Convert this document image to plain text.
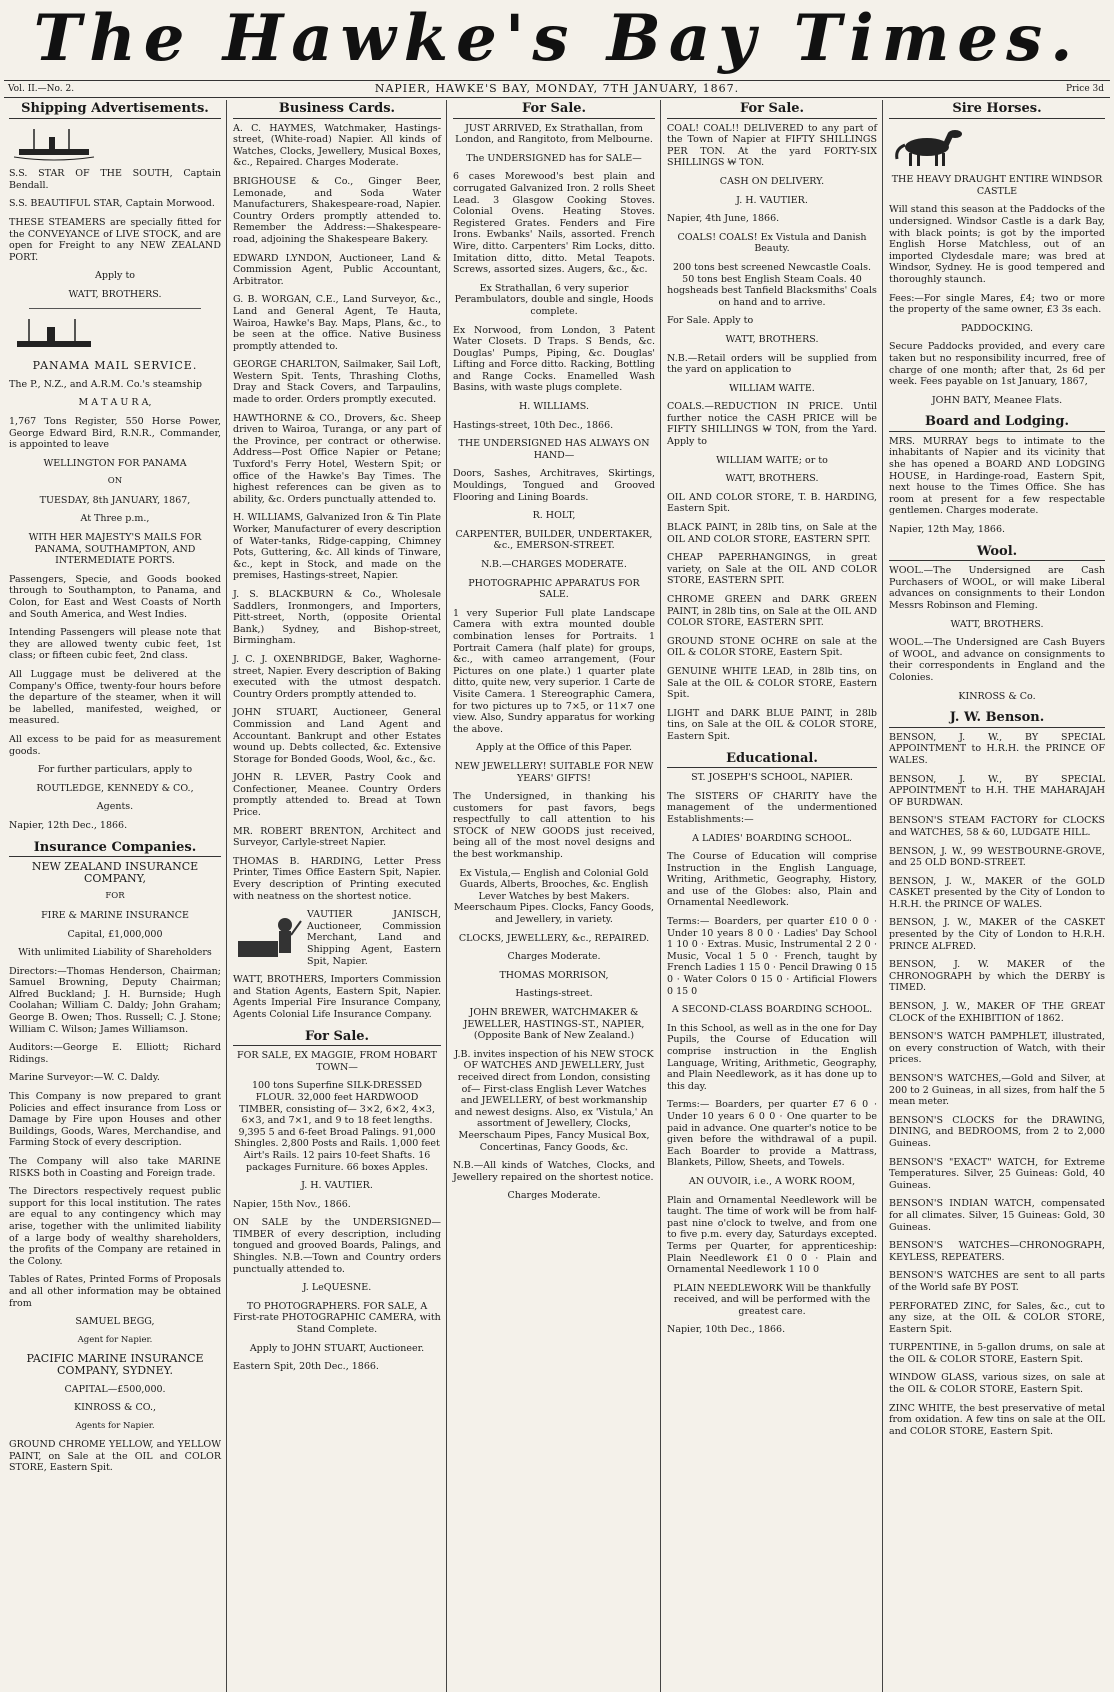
The Hawke's Bay Times.
Vol. II.—No. 2.	NAPIER, HAWKE'S BAY, MONDAY, 7TH JANUARY, 1867.	Price 3d
Shipping Advertisements.
S.S. STAR OF THE SOUTH, Captain Bendall.
S.S. BEAUTIFUL STAR, Captain Morwood.
THESE STEAMERS are specially fitted for the CONVEYANCE of LIVE STOCK, and are open for Freight to any NEW ZEALAND PORT.
Apply to
WATT, BROTHERS.
PANAMA MAIL SERVICE.
The P., N.Z., and A.R.M. Co.'s steamship
M A T A U R A,
1,767 Tons Register, 550 Horse Power, George Edward Bird, R.N.R., Commander, is appointed to leave
WELLINGTON FOR PANAMA
ON
TUESDAY, 8th JANUARY, 1867,
At Three p.m.,
WITH HER MAJESTY'S MAILS FOR PANAMA, SOUTHAMPTON, AND INTERMEDIATE PORTS.
Passengers, Specie, and Goods booked through to Southampton, to Panama, and Colon, for East and West Coasts of North and South America, and West Indies.
Intending Passengers will please note that they are allowed twenty cubic feet, 1st class; or fifteen cubic feet, 2nd class.
All Luggage must be delivered at the Company's Office, twenty-four hours before the departure of the steamer, when it will be labelled, manifested, weighed, or measured.
All excess to be paid for as measurement goods.
For further particulars, apply to
ROUTLEDGE, KENNEDY & CO.,
Agents.
Napier, 12th Dec., 1866.
Insurance Companies.
NEW ZEALAND INSURANCE COMPANY,
FOR
FIRE & MARINE INSURANCE
Capital, £1,000,000
With unlimited Liability of Shareholders
Directors:—Thomas Henderson, Chairman; Samuel Browning, Deputy Chairman; Alfred Buckland; J. H. Burnside; Hugh Coolahan; William C. Daldy; John Graham; George B. Owen; Thos. Russell; C. J. Stone; William C. Wilson; James Williamson.
Auditors:—George E. Elliott; Richard Ridings.
Marine Surveyor:—W. C. Daldy.
This Company is now prepared to grant Policies and effect insurance from Loss or Damage by Fire upon Houses and other Buildings, Goods, Wares, Merchandise, and Farming Stock of every description.
The Company will also take MARINE RISKS both in Coasting and Foreign trade.
The Directors respectively request public support for this local institution. The rates are equal to any contingency which may arise, together with the unlimited liability of a large body of wealthy shareholders, the profits of the Company are retained in the Colony.
Tables of Rates, Printed Forms of Proposals and all other information may be obtained from
SAMUEL BEGG,
Agent for Napier.
PACIFIC MARINE INSURANCE COMPANY, SYDNEY.
CAPITAL—£500,000.
KINROSS & CO.,
Agents for Napier.
GROUND CHROME YELLOW, and YELLOW PAINT, on Sale at the OIL and COLOR STORE, Eastern Spit.
Business Cards.
A. C. HAYMES, Watchmaker, Hastings-street, (White-road) Napier. All kinds of Watches, Clocks, Jewellery, Musical Boxes, &c., Repaired. Charges Moderate.
BRIGHOUSE & Co., Ginger Beer, Lemonade, and Soda Water Manufacturers, Shakespeare-road, Napier. Country Orders promptly attended to. Remember the Address:—Shakespeare-road, adjoining the Shakespeare Bakery.
EDWARD LYNDON, Auctioneer, Land & Commission Agent, Public Accountant, Arbitrator.
G. B. WORGAN, C.E., Land Surveyor, &c., Land and General Agent, Te Hauta, Wairoa, Hawke's Bay. Maps, Plans, &c., to be seen at the office. Native Business promptly attended to.
GEORGE CHARLTON, Sailmaker, Sail Loft, Western Spit. Tents, Thrashing Cloths, Dray and Stack Covers, and Tarpaulins, made to order. Orders promptly executed.
HAWTHORNE & CO., Drovers, &c. Sheep driven to Wairoa, Turanga, or any part of the Province, per contract or otherwise. Address—Post Office Napier or Petane; Tuxford's Ferry Hotel, Western Spit; or office of the Hawke's Bay Times. The highest references can be given as to ability, &c. Orders punctually attended to.
H. WILLIAMS, Galvanized Iron & Tin Plate Worker, Manufacturer of every description of Water-tanks, Ridge-capping, Chimney Pots, Guttering, &c. All kinds of Tinware, &c., kept in Stock, and made on the premises, Hastings-street, Napier.
J. S. BLACKBURN & Co., Wholesale Saddlers, Ironmongers, and Importers, Pitt-street, North, (opposite Oriental Bank,) Sydney, and Bishop-street, Birmingham.
J. C. J. OXENBRIDGE, Baker, Waghorne-street, Napier. Every description of Baking executed with the utmost despatch. Country Orders promptly attended to.
JOHN STUART, Auctioneer, General Commission and Land Agent and Accountant. Bankrupt and other Estates wound up. Debts collected, &c. Extensive Storage for Bonded Goods, Wool, &c., &c.
JOHN R. LEVER, Pastry Cook and Confectioner, Meanee. Country Orders promptly attended to. Bread at Town Price.
MR. ROBERT BRENTON, Architect and Surveyor, Carlyle-street Napier.
THOMAS B. HARDING, Letter Press Printer, Times Office Eastern Spit, Napier. Every description of Printing executed with neatness on the shortest notice.
VAUTIER JANISCH, Auctioneer, Commission Merchant, Land and Shipping Agent, Eastern Spit, Napier.
WATT, BROTHERS, Importers Commission and Station Agents, Eastern Spit, Napier. Agents Imperial Fire Insurance Company, Agents Colonial Life Insurance Company.
For Sale.
FOR SALE, EX MAGGIE, FROM HOBART TOWN—
100 tons Superfine SILK-DRESSED FLOUR. 32,000 feet HARDWOOD TIMBER, consisting of— 3×2, 6×2, 4×3, 6×3, and 7×1, and 9 to 18 feet lengths. 9,395 5 and 6-feet Broad Palings. 91,000 Shingles. 2,800 Posts and Rails. 1,000 feet Airt's Rails. 12 pairs 10-feet Shafts. 16 packages Furniture. 66 boxes Apples.
J. H. VAUTIER.
Napier, 15th Nov., 1866.
ON SALE by the UNDERSIGNED— TIMBER of every description, including tongued and grooved Boards, Palings, and Shingles. N.B.—Town and Country orders punctually attended to.
J. LeQUESNE.
TO PHOTOGRAPHERS. FOR SALE, A First-rate PHOTOGRAPHIC CAMERA, with Stand Complete.
Apply to JOHN STUART, Auctioneer.
Eastern Spit, 20th Dec., 1866.
For Sale.
JUST ARRIVED, Ex Strathallan, from London, and Rangitoto, from Melbourne.
The UNDERSIGNED has for SALE—
6 cases Morewood's best plain and corrugated Galvanized Iron. 2 rolls Sheet Lead. 3 Glasgow Cooking Stoves. Colonial Ovens. Heating Stoves. Registered Grates. Fenders and Fire Irons. Ewbanks' Nails, assorted. French Wire, ditto. Carpenters' Rim Locks, ditto. Imitation ditto, ditto. Metal Teapots. Screws, assorted sizes. Augers, &c., &c.
Ex Strathallan, 6 very superior Perambulators, double and single, Hoods complete.
Ex Norwood, from London, 3 Patent Water Closets. D Traps. S Bends, &c. Douglas' Pumps, Piping, &c. Douglas' Lifting and Force ditto. Racking, Bottling and Range Cocks. Enamelled Wash Basins, with waste plugs complete.
H. WILLIAMS.
Hastings-street, 10th Dec., 1866.
THE UNDERSIGNED HAS ALWAYS ON HAND—
Doors, Sashes, Architraves, Skirtings, Mouldings, Tongued and Grooved Flooring and Lining Boards.
R. HOLT,
CARPENTER, BUILDER, UNDERTAKER, &c., EMERSON-STREET.
N.B.—CHARGES MODERATE.
PHOTOGRAPHIC APPARATUS FOR SALE.
1 very Superior Full plate Landscape Camera with extra mounted double combination lenses for Portraits. 1 Portrait Camera (half plate) for groups, &c., with cameo arrangement, (Four Pictures on one plate.) 1 quarter plate ditto, quite new, very superior. 1 Carte de Visite Camera. 1 Stereographic Camera, for two pictures up to 7×5, or 11×7 one view. Also, Sundry apparatus for working the above.
Apply at the Office of this Paper.
NEW JEWELLERY! SUITABLE FOR NEW YEARS' GIFTS!
The Undersigned, in thanking his customers for past favors, begs respectfully to call attention to his STOCK of NEW GOODS just received, being all of the most novel designs and the best workmanship.
Ex Vistula,— English and Colonial Gold Guards, Alberts, Brooches, &c. English Lever Watches by best Makers. Meerschaum Pipes. Clocks, Fancy Goods, and Jewellery, in variety.
CLOCKS, JEWELLERY, &c., REPAIRED.
Charges Moderate.
THOMAS MORRISON,
Hastings-street.
JOHN BREWER, WATCHMAKER & JEWELLER, HASTINGS-ST., NAPIER, (Opposite Bank of New Zealand.)
J.B. invites inspection of his NEW STOCK OF WATCHES AND JEWELLERY, Just received direct from London, consisting of— First-class English Lever Watches and JEWELLERY, of best workmanship and newest designs. Also, ex 'Vistula,' An assortment of Jewellery, Clocks, Meerschaum Pipes, Fancy Musical Box, Concertinas, Fancy Goods, &c.
N.B.—All kinds of Watches, Clocks, and Jewellery repaired on the shortest notice.
Charges Moderate.
For Sale.
COAL! COAL!! DELIVERED to any part of the Town of Napier at FIFTY SHILLINGS PER TON. At the yard FORTY-SIX SHILLINGS ₩ TON.
CASH ON DELIVERY.
J. H. VAUTIER.
Napier, 4th June, 1866.
COALS! COALS! Ex Vistula and Danish Beauty.
200 tons best screened Newcastle Coals. 50 tons best English Steam Coals. 40 hogsheads best Tanfield Blacksmiths' Coals on hand and to arrive.
For Sale. Apply to
WATT, BROTHERS.
N.B.—Retail orders will be supplied from the yard on application to
WILLIAM WAITE.
COALS.—REDUCTION IN PRICE. Until further notice the CASH PRICE will be FIFTY SHILLINGS ₩ TON, from the Yard. Apply to
WILLIAM WAITE; or to
WATT, BROTHERS.
OIL AND COLOR STORE, T. B. HARDING, Eastern Spit.
BLACK PAINT, in 28lb tins, on Sale at the OIL AND COLOR STORE, EASTERN SPIT.
CHEAP PAPERHANGINGS, in great variety, on Sale at the OIL AND COLOR STORE, EASTERN SPIT.
CHROME GREEN and DARK GREEN PAINT, in 28lb tins, on Sale at the OIL AND COLOR STORE, EASTERN SPIT.
GROUND STONE OCHRE on sale at the OIL & COLOR STORE, Eastern Spit.
GENUINE WHITE LEAD, in 28lb tins, on Sale at the OIL & COLOR STORE, Eastern Spit.
LIGHT and DARK BLUE PAINT, in 28lb tins, on Sale at the OIL & COLOR STORE, Eastern Spit.
Educational.
ST. JOSEPH'S SCHOOL, NAPIER.
The SISTERS OF CHARITY have the management of the undermentioned Establishments:—
A LADIES' BOARDING SCHOOL.
The Course of Education will comprise Instruction in the English Language, Writing, Arithmetic, Geography, History, and use of the Globes: also, Plain and Ornamental Needlework.
Terms:— Boarders, per quarter £10 0 0 · Under 10 years 8 0 0 · Ladies' Day School 1 10 0 · Extras. Music, Instrumental 2 2 0 · Music, Vocal 1 5 0 · French, taught by French Ladies 1 15 0 · Pencil Drawing 0 15 0 · Water Colors 0 15 0 · Artificial Flowers 0 15 0
A SECOND-CLASS BOARDING SCHOOL.
In this School, as well as in the one for Day Pupils, the Course of Education will comprise instruction in the English Language, Writing, Arithmetic, Geography, and Plain Needlework, as it has done up to this day.
Terms:— Boarders, per quarter £7 6 0 · Under 10 years 6 0 0 · One quarter to be paid in advance. One quarter's notice to be given before the withdrawal of a pupil. Each Boarder to provide a Mattrass, Blankets, Pillow, Sheets, and Towels.
AN OUVOIR, i.e., A WORK ROOM,
Plain and Ornamental Needlework will be taught. The time of work will be from half-past nine o'clock to twelve, and from one to five p.m. every day, Saturdays excepted. Terms per Quarter, for apprenticeship: Plain Needlework £1 0 0 · Plain and Ornamental Needlework 1 10 0
PLAIN NEEDLEWORK Will be thankfully received, and will be performed with the greatest care.
Napier, 10th Dec., 1866.
Sire Horses.
THE HEAVY DRAUGHT ENTIRE WINDSOR CASTLE
Will stand this season at the Paddocks of the undersigned. Windsor Castle is a dark Bay, with black points; is got by the imported English Horse Matchless, out of an imported Clydesdale mare; was bred at Windsor, Sydney. He is good tempered and thoroughly staunch.
Fees:—For single Mares, £4; two or more the property of the same owner, £3 3s each.
PADDOCKING.
Secure Paddocks provided, and every care taken but no responsibility incurred, free of charge of one month; after that, 2s 6d per week. Fees payable on 1st January, 1867,
JOHN BATY, Meanee Flats.
Board and Lodging.
MRS. MURRAY begs to intimate to the inhabitants of Napier and its vicinity that she has opened a BOARD AND LODGING HOUSE, in Hardinge-road, Eastern Spit, next house to the Times Office. She has room at present for a few respectable gentlemen. Charges moderate.
Napier, 12th May, 1866.
Wool.
WOOL.—The Undersigned are Cash Purchasers of WOOL, or will make Liberal advances on consignments to their London Messrs Robinson and Fleming.
WATT, BROTHERS.
WOOL.—The Undersigned are Cash Buyers of WOOL, and advance on consignments to their correspondents in England and the Colonies.
KINROSS & Co.
J. W. Benson.
BENSON, J. W., BY SPECIAL APPOINTMENT to H.R.H. the PRINCE OF WALES.
BENSON, J. W., BY SPECIAL APPOINTMENT to H.H. THE MAHARAJAH OF BURDWAN.
BENSON'S STEAM FACTORY for CLOCKS and WATCHES, 58 & 60, LUDGATE HILL.
BENSON, J. W., 99 WESTBOURNE-GROVE, and 25 OLD BOND-STREET.
BENSON, J. W., MAKER of the GOLD CASKET presented by the City of London to H.R.H. the PRINCE OF WALES.
BENSON, J. W., MAKER of the CASKET presented by the City of London to H.R.H. PRINCE ALFRED.
BENSON, J. W. MAKER of the CHRONOGRAPH by which the DERBY is TIMED.
BENSON, J. W., MAKER OF THE GREAT CLOCK of the EXHIBITION of 1862.
BENSON'S WATCH PAMPHLET, illustrated, on every construction of Watch, with their prices.
BENSON'S WATCHES,—Gold and Silver, at 200 to 2 Guineas, in all sizes, from half the 5 mean meter.
BENSON'S CLOCKS for the DRAWING, DINING, and BEDROOMS, from 2 to 2,000 Guineas.
BENSON'S "EXACT" WATCH, for Extreme Temperatures. Silver, 25 Guineas: Gold, 40 Guineas.
BENSON'S INDIAN WATCH, compensated for all climates. Silver, 15 Guineas: Gold, 30 Guineas.
BENSON'S WATCHES—CHRONOGRAPH, KEYLESS, REPEATERS.
BENSON'S WATCHES are sent to all parts of the World safe BY POST.
PERFORATED ZINC, for Sales, &c., cut to any size, at the OIL & COLOR STORE, Eastern Spit.
TURPENTINE, in 5-gallon drums, on sale at the OIL & COLOR STORE, Eastern Spit.
WINDOW GLASS, various sizes, on sale at the OIL & COLOR STORE, Eastern Spit.
ZINC WHITE, the best preservative of metal from oxidation. A few tins on sale at the OIL and COLOR STORE, Eastern Spit.
